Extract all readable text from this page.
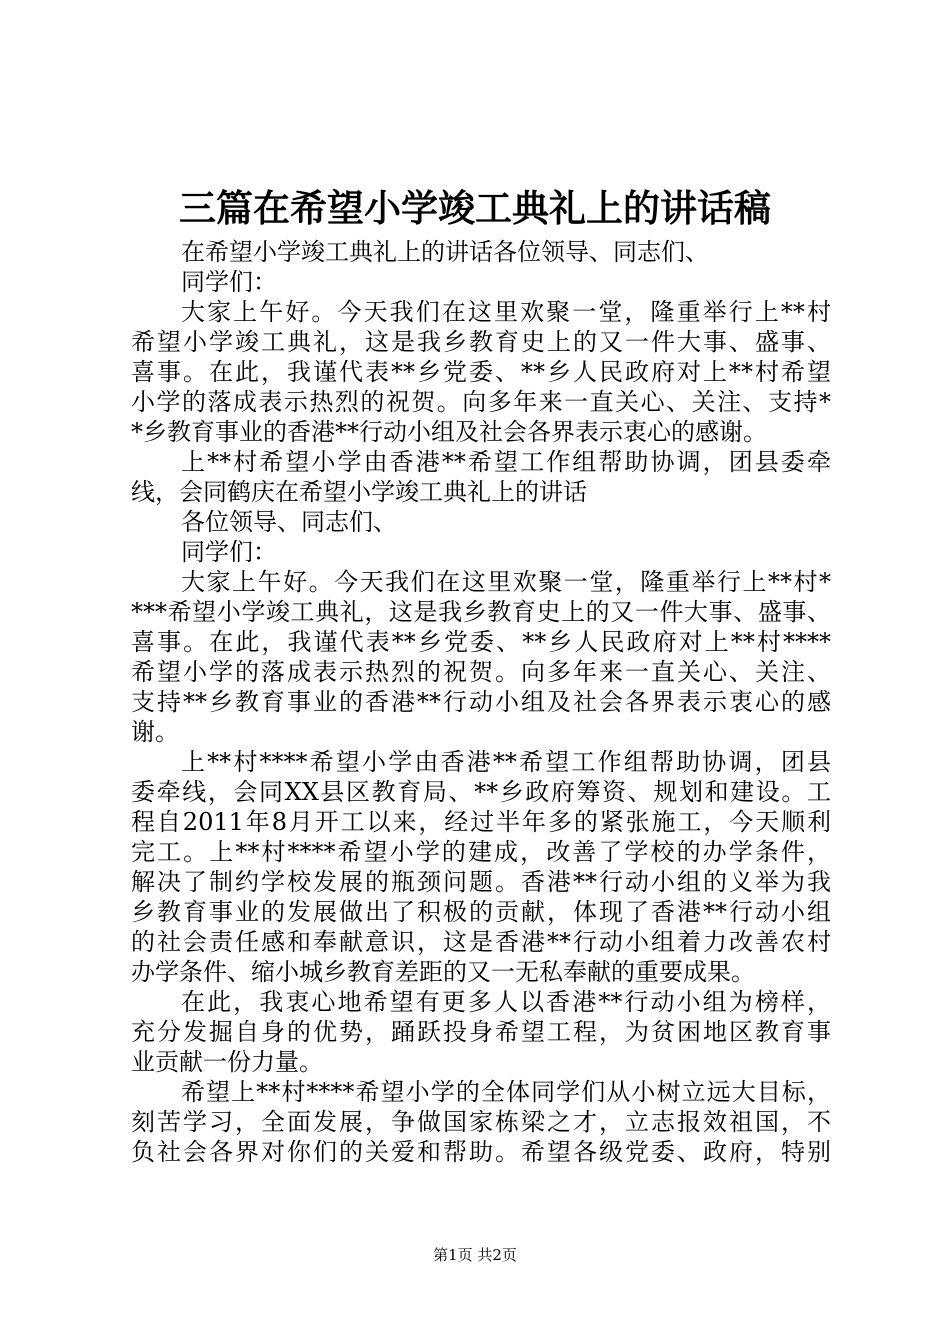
三篇在希望小学竣工典礼上的讲话稿
在希望小学竣工典礼上的讲话各位领导、同志们、
同学们：
大家上午好。今天我们在这里欢聚一堂，隆重举行上**村
希望小学竣工典礼，这是我乡教育史上的又一件大事、盛事、
喜事。在此，我谨代表**乡党委、**乡人民政府对上**村希望
小学的落成表示热烈的祝贺。向多年来一直关心、关注、支持*
*乡教育事业的香港**行动小组及社会各界表示衷心的感谢。
上**村希望小学由香港**希望工作组帮助协调，团县委牵
线，会同鹤庆在希望小学竣工典礼上的讲话
各位领导、同志们、
同学们：
大家上午好。今天我们在这里欢聚一堂，隆重举行上**村*
***希望小学竣工典礼，这是我乡教育史上的又一件大事、盛事、
喜事。在此，我谨代表**乡党委、**乡人民政府对上**村****
希望小学的落成表示热烈的祝贺。向多年来一直关心、关注、
支持**乡教育事业的香港**行动小组及社会各界表示衷心的感
谢。
上**村****希望小学由香港**希望工作组帮助协调，团县
委牵线，会同XX县区教育局、**乡政府筹资、规划和建设。工
程自2011年8月开工以来，经过半年多的紧张施工，今天顺利
完工。上**村****希望小学的建成，改善了学校的办学条件，
解决了制约学校发展的瓶颈问题。香港**行动小组的义举为我
乡教育事业的发展做出了积极的贡献，体现了香港**行动小组
的社会责任感和奉献意识，这是香港**行动小组着力改善农村
办学条件、缩小城乡教育差距的又一无私奉献的重要成果。
在此，我衷心地希望有更多人以香港**行动小组为榜样，
充分发掘自身的优势，踊跃投身希望工程，为贫困地区教育事
业贡献一份力量。
希望上**村****希望小学的全体同学们从小树立远大目标，
刻苦学习，全面发展，争做国家栋梁之才，立志报效祖国，不
负社会各界对你们的关爱和帮助。希望各级党委、政府，特别
第1页 共2页
